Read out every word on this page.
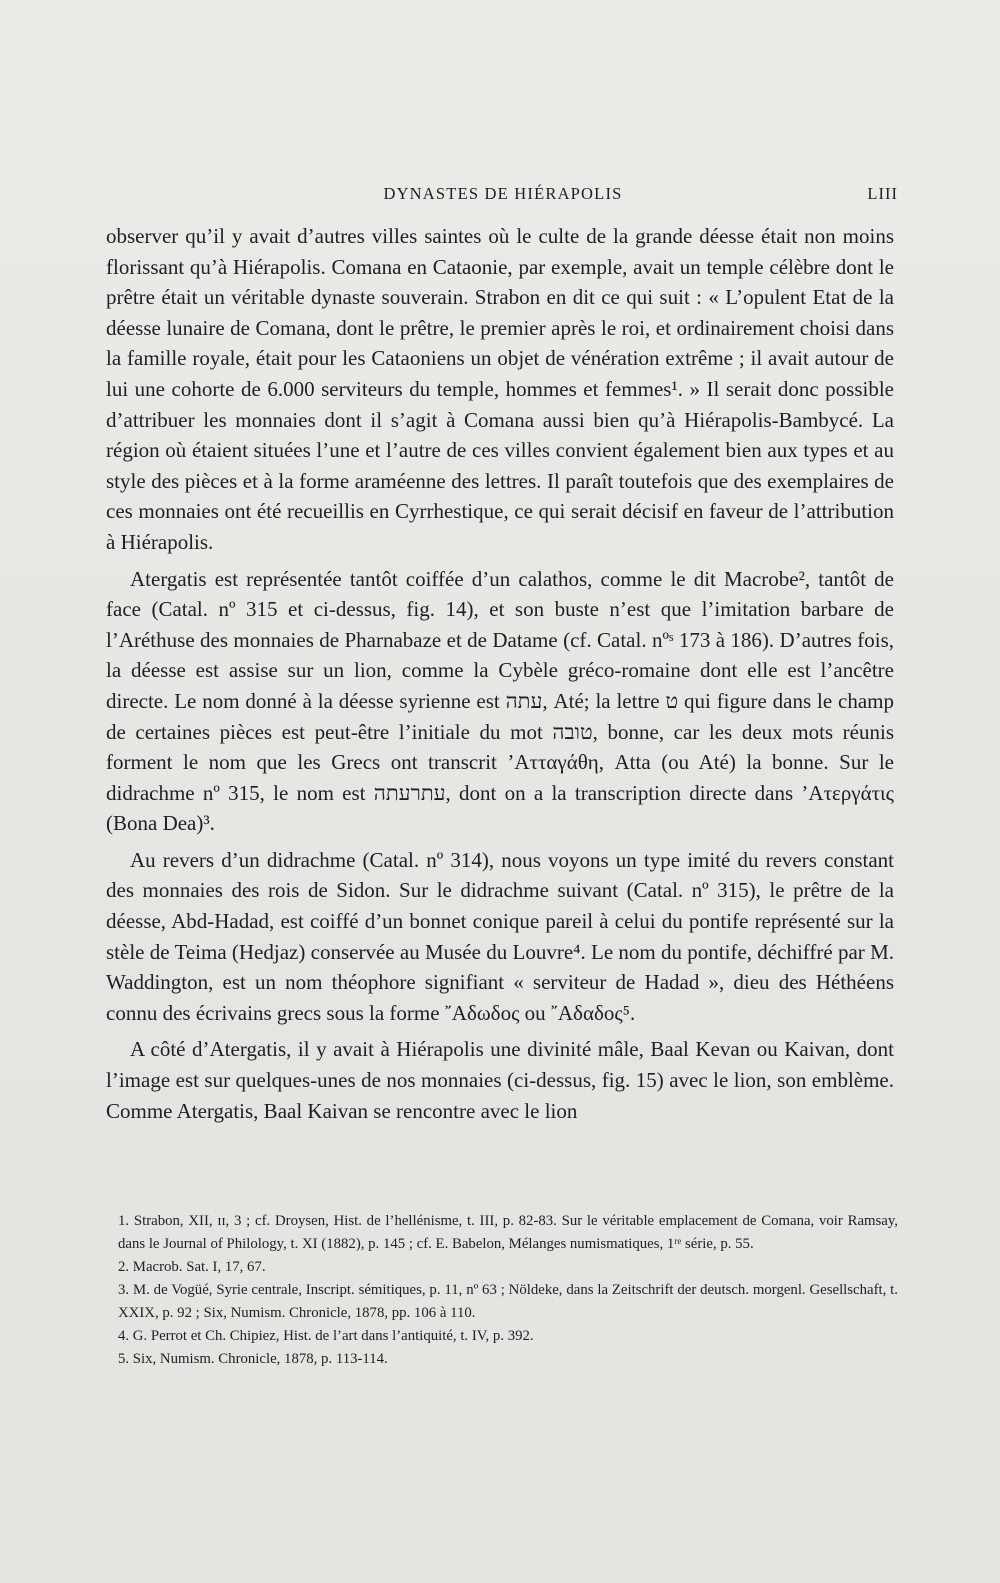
DYNASTES DE HIÉRAPOLIS	LIII

observer qu’il y avait d’autres villes saintes où le culte de la grande déesse était non moins florissant qu’à Hiérapolis. Comana en Cataonie, par exemple, avait un temple célèbre dont le prêtre était un véritable dynaste souverain. Strabon en dit ce qui suit : « L’opulent Etat de la déesse lunaire de Comana, dont le prêtre, le premier après le roi, et ordinairement choisi dans la famille royale, était pour les Cataoniens un objet de vénération extrême ; il avait autour de lui une cohorte de 6.000 serviteurs du temple, hommes et femmes¹. » Il serait donc possible d’attribuer les monnaies dont il s’agit à Comana aussi bien qu’à Hiérapolis-Bambycé. La région où étaient situées l’une et l’autre de ces villes convient également bien aux types et au style des pièces et à la forme araméenne des lettres. Il paraît toutefois que des exemplaires de ces monnaies ont été recueillis en Cyrrhestique, ce qui serait décisif en faveur de l’attribution à Hiérapolis.

Atergatis est représentée tantôt coiffée d’un calathos, comme le dit Macrobe², tantôt de face (Catal. nº 315 et ci-dessus, fig. 14), et son buste n’est que l’imitation barbare de l’Aréthuse des monnaies de Pharnabaze et de Datame (cf. Catal. nºˢ 173 à 186). D’autres fois, la déesse est assise sur un lion, comme la Cybèle gréco-romaine dont elle est l’ancêtre directe. Le nom donné à la déesse syrienne est עתה, Até; la lettre ט qui figure dans le champ de certaines pièces est peut-être l’initiale du mot טובה, bonne, car les deux mots réunis forment le nom que les Grecs ont transcrit ’Ατταγάθη, Atta (ou Até) la bonne. Sur le didrachme nº 315, le nom est עתרעתה, dont on a la transcription directe dans ’Ατεργάτις (Bona Dea)³.

Au revers d’un didrachme (Catal. nº 314), nous voyons un type imité du revers constant des monnaies des rois de Sidon. Sur le didrachme suivant (Catal. nº 315), le prêtre de la déesse, Abd-Hadad, est coiffé d’un bonnet conique pareil à celui du pontife représenté sur la stèle de Teima (Hedjaz) conservée au Musée du Louvre⁴. Le nom du pontife, déchiffré par M. Waddington, est un nom théophore signifiant « serviteur de Hadad », dieu des Héthéens connu des écrivains grecs sous la forme ῎Αδωδος ou ῎Αδαδος⁵.

A côté d’Atergatis, il y avait à Hiérapolis une divinité mâle, Baal Kevan ou Kaivan, dont l’image est sur quelques-unes de nos monnaies (ci-dessus, fig. 15) avec le lion, son emblème. Comme Atergatis, Baal Kaivan se rencontre avec le lion

1. Strabon, XII, ɪɪ, 3 ; cf. Droysen, Hist. de l’hellénisme, t. III, p. 82-83. Sur le véritable emplacement de Comana, voir Ramsay, dans le Journal of Philology, t. XI (1882), p. 145 ; cf. E. Babelon, Mélanges numismatiques, 1ʳᵉ série, p. 55.

2. Macrob. Sat. I, 17, 67.

3. M. de Vogüé, Syrie centrale, Inscript. sémitiques, p. 11, nº 63 ; Nöldeke, dans la Zeitschrift der deutsch. morgenl. Gesellschaft, t. XXIX, p. 92 ; Six, Numism. Chronicle, 1878, pp. 106 à 110.

4. G. Perrot et Ch. Chipiez, Hist. de l’art dans l’antiquité, t. IV, p. 392.

5. Six, Numism. Chronicle, 1878, p. 113-114.
